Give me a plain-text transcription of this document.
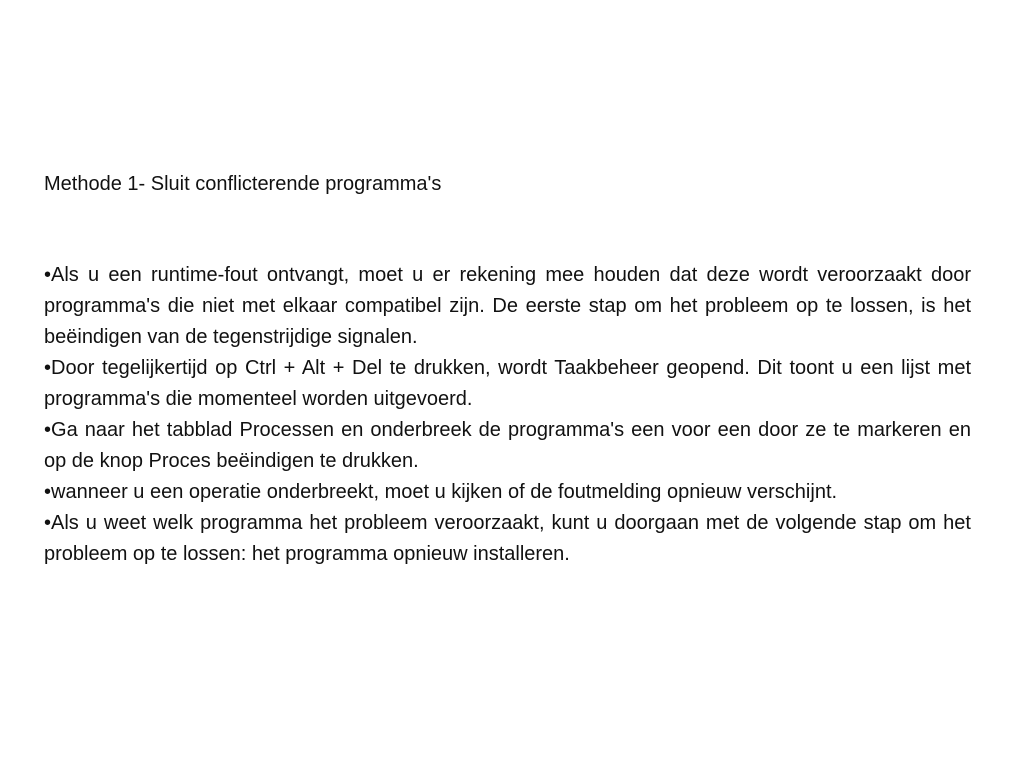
Methode 1- Sluit conflicterende programma's

•Als u een runtime-fout ontvangt, moet u er rekening mee houden dat deze wordt veroorzaakt door programma's die niet met elkaar compatibel zijn. De eerste stap om het probleem op te lossen, is het beëindigen van de tegenstrijdige signalen.
•Door tegelijkertijd op Ctrl + Alt + Del te drukken, wordt Taakbeheer geopend. Dit toont u een lijst met programma's die momenteel worden uitgevoerd.
•Ga naar het tabblad Processen en onderbreek de programma's een voor een door ze te markeren en op de knop Proces beëindigen te drukken.
•wanneer u een operatie onderbreekt, moet u kijken of de foutmelding opnieuw verschijnt.
•Als u weet welk programma het probleem veroorzaakt, kunt u doorgaan met de volgende stap om het probleem op te lossen: het programma opnieuw installeren.
